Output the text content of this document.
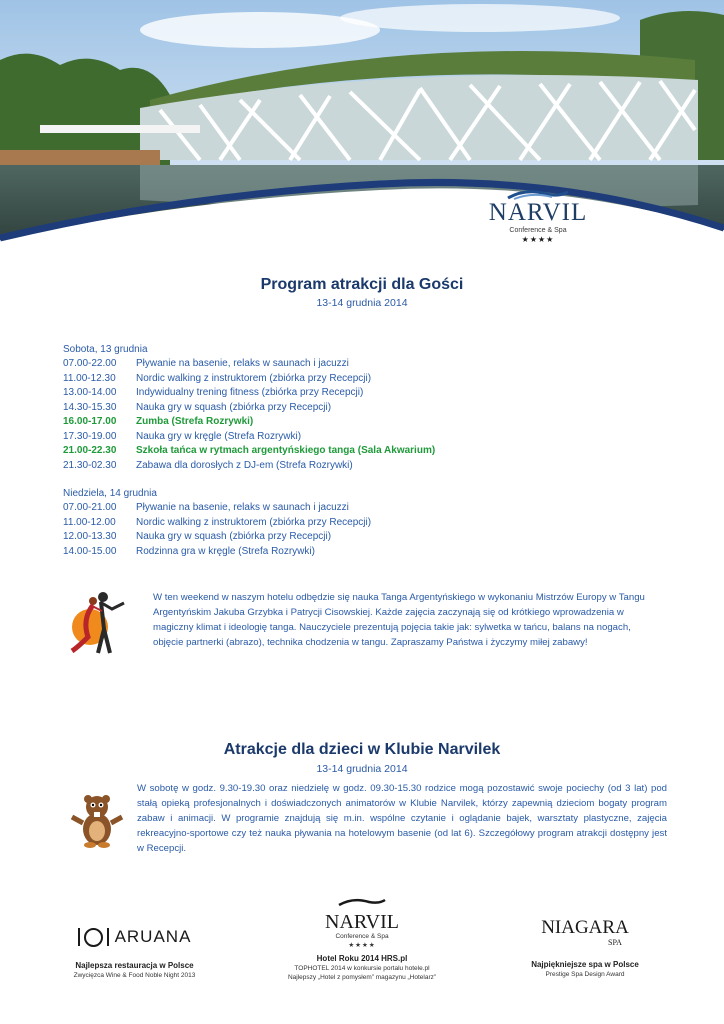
NARVIL
Conference & Spa
★★★★
Program atrakcji dla Gości
13-14 grudnia 2014
Sobota, 13 grudnia
07.00-22.00	Pływanie na basenie, relaks w saunach i jacuzzi
11.00-12.30	Nordic walking z instruktorem (zbiórka przy Recepcji)
13.00-14.00	Indywidualny trening fitness (zbiórka przy Recepcji)
14.30-15.30	Nauka gry w squash (zbiórka przy Recepcji)
16.00-17.00	Zumba (Strefa Rozrywki)
17.30-19.00	Nauka gry w kręgle (Strefa Rozrywki)
21.00-22.30	Szkoła tańca w rytmach argentyńskiego tanga (Sala Akwarium)
21.30-02.30	Zabawa dla dorosłych z DJ-em (Strefa Rozrywki)
Niedziela, 14 grudnia
07.00-21.00	Pływanie na basenie, relaks w saunach i jacuzzi
11.00-12.00	Nordic walking z instruktorem (zbiórka przy Recepcji)
12.00-13.30	Nauka gry w squash (zbiórka przy Recepcji)
14.00-15.00	Rodzinna gra w kręgle (Strefa Rozrywki)
W ten weekend w naszym hotelu odbędzie się nauka Tanga Argentyńskiego w wykonaniu Mistrzów Europy w Tangu Argentyńskim Jakuba Grzybka i Patrycji Cisowskiej. Każde zajęcia zaczynają się od krótkiego wprowadzenia w magiczny klimat i ideologię tanga. Nauczyciele prezentują pojęcia takie jak: sylwetka w tańcu, balans na nogach, objęcie partnerki (abrazo), technika chodzenia w tangu. Zapraszamy Państwa i życzymy miłej zabawy!
Atrakcje dla dzieci w Klubie Narvilek
13-14 grudnia 2014
W sobotę w godz. 9.30-19.30 oraz niedzielę w godz. 09.30-15.30 rodzice mogą pozostawić swoje pociechy (od 3 lat) pod stałą opieką profesjonalnych i doświadczonych animatorów w Klubie Narvilek, którzy zapewnią dzieciom bogaty program zabaw i animacji. W programie znajdują się m.in. wspólne czytanie i oglądanie bajek, warsztaty plastyczne, zajęcia rekreacyjno-sportowe czy też nauka pływania na hotelowym basenie (od lat 6). Szczegółowy program atrakcji dostępny jest w Recepcji.
ARUANA
Najlepsza restauracja w Polsce
Zwycięzca Wine & Food Noble Night 2013
NARVIL
Conference & Spa
★★★★
Hotel Roku 2014 HRS.pl
TOPHOTEL 2014 w konkursie portalu hotele.pl
Najlepszy „Hotel z pomysłem” magazynu „Hotelarz”
NIAGARA
SPA
Najpiękniejsze spa w Polsce
Prestige Spa Design Award
